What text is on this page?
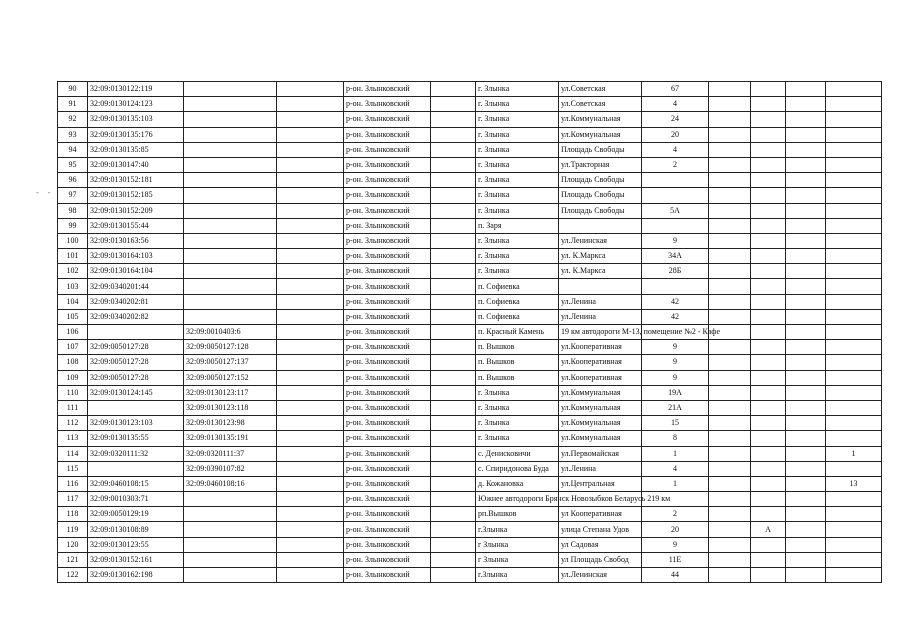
- -
90	32:09:0130122:119			р-он. Злынковский		г. Злынка	ул.Советская	67				
91	32:09:0130124:123			р-он. Злынковский		г. Злынка	ул.Советская	4				
92	32:09:0130135:103			р-он. Злынковский		г. Злынка	ул.Коммунальная	24				
93	32:09:0130135:176			р-он. Злынковский		г. Злынка	ул.Коммунальная	20				
94	32:09:0130135:85			р-он. Злынковский		г. Злынка	Площадь Свободы	4				
95	32:09:0130147:40			р-он. Злынковский		г. Злынка	ул.Тракторная	2				
96	32:09:0130152:181			р-он. Злынковский		г. Злынка	Площадь Свободы					
97	32:09:0130152:185			р-он. Злынковский		г. Злынка	Площадь Свободы					
98	32:09:0130152:209			р-он. Злынковский		г. Злынка	Площадь Свободы	5А				
99	32:09:0130155:44			р-он. Злынковский		п. Заря						
100	32:09:0130163:56			р-он. Злынковский		г. Злынка	ул.Ленинская	9				
101	32:09:0130164:103			р-он. Злынковский		г. Злынка	ул. К.Маркса	34А				
102	32:09:0130164:104			р-он. Злынковский		г. Злынка	ул. К.Маркса	28Б				
103	32:09:0340201:44			р-он. Злынковский		п. Софиевка						
104	32:09:0340202:81			р-он. Злынковский		п. Софиевка	ул.Ленина	42				
105	32:09:0340202:82			р-он. Злынковский		п. Софиевка	ул.Ленина	42				
106		32:09:0010403:6		р-он. Злынковский		п. Красный Камень	19 км автодороги М-13, помещение №2 - Кафе					
107	32:09:0050127:28	32:09:0050127:128		р-он. Злынковский		п. Вышков	ул.Кооперативная	9				
108	32:09:0050127:28	32:09:0050127:137		р-он. Злынковский		п. Вышков	ул.Кооперативная	9				
109	32:09:0050127:28	32:09:0050127:152		р-он. Злынковский		п. Вышков	ул.Кооперативная	9				
110	32:09:0130124:145	32:09:0130123:117		р-он. Злынковский		г. Злынка	ул.Коммунальная	19А				
111		32:09:0130123:118		р-он. Злынковский		г. Злынка	ул.Коммунальная	21А				
112	32:09:0130123:103	32:09:0130123:98		р-он. Злынковский		г. Злынка	ул.Коммунальная	15				
113	32:09:0130135:55	32:09:0130135:191		р-он. Злынковский		г. Злынка	ул.Коммунальная	8				
114	32:09:0320111:32	32:09:0320111:37		р-он. Злынковский		с. Денисковичи	ул.Первомайская	1				1
115		32:09:0390107:82		р-он. Злынковский		с. Спиридонова Буда	ул.Ленина	4				
116	32:09:0460108:15	32:09:0460108:16		р-он. Злынковский		д. Кожановка	ул.Центральная	1				13
117	32:09:0010303:71			р-он. Злынковский		Южнее автодороги Брянск Новозыбков Беларусь 219 км						
118	32:09:0050129:19			р-он. Злынковский		рп.Вышков	ул Кооперативная	2				
119	32:09:0130108:89			р-он. Злынковский		г.Злынка	улица Степана Удов	20		А		
120	32:09:0130123:55			р-он. Злынковский		г Злынка	ул Садовая	9				
121	32:09:0130152:161			р-он. Злынковский		г Злынка	ул Площадь Свобод	11Е				
122	32:09:0130162:198			р-он. Злынковский		г.Злынка	ул.Ленинская	44				
